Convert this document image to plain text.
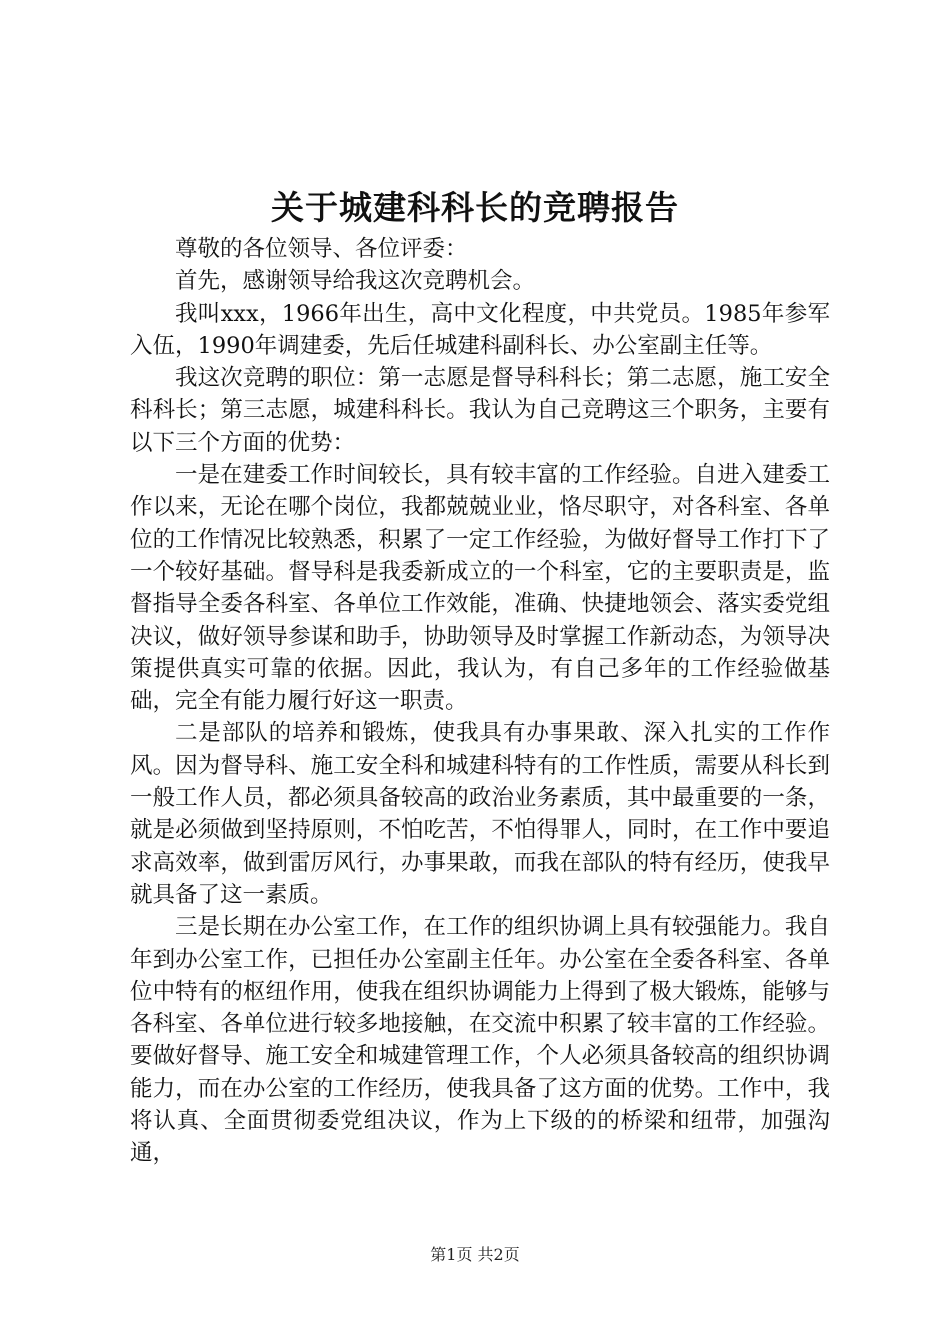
关于城建科科长的竞聘报告

尊敬的各位领导、各位评委：

首先，感谢领导给我这次竞聘机会。

我叫xxx，1966年出生，高中文化程度，中共党员。1985年参军入伍，1990年调建委，先后任城建科副科长、办公室副主任等。

我这次竞聘的职位：第一志愿是督导科科长；第二志愿，施工安全科科长；第三志愿，城建科科长。我认为自己竞聘这三个职务，主要有以下三个方面的优势：

一是在建委工作时间较长，具有较丰富的工作经验。自进入建委工作以来，无论在哪个岗位，我都兢兢业业，恪尽职守，对各科室、各单位的工作情况比较熟悉，积累了一定工作经验，为做好督导工作打下了一个较好基础。督导科是我委新成立的一个科室，它的主要职责是，监督指导全委各科室、各单位工作效能，准确、快捷地领会、落实委党组决议，做好领导参谋和助手，协助领导及时掌握工作新动态，为领导决策提供真实可靠的依据。因此，我认为，有自己多年的工作经验做基础，完全有能力履行好这一职责。

二是部队的培养和锻炼，使我具有办事果敢、深入扎实的工作作风。因为督导科、施工安全科和城建科特有的工作性质，需要从科长到一般工作人员，都必须具备较高的政治业务素质，其中最重要的一条，就是必须做到坚持原则，不怕吃苦，不怕得罪人，同时，在工作中要追求高效率，做到雷厉风行，办事果敢，而我在部队的特有经历，使我早就具备了这一素质。

三是长期在办公室工作，在工作的组织协调上具有较强能力。我自年到办公室工作，已担任办公室副主任年。办公室在全委各科室、各单位中特有的枢纽作用，使我在组织协调能力上得到了极大锻炼，能够与各科室、各单位进行较多地接触，在交流中积累了较丰富的工作经验。要做好督导、施工安全和城建管理工作，个人必须具备较高的组织协调能力，而在办公室的工作经历，使我具备了这方面的优势。工作中，我将认真、全面贯彻委党组决议，作为上下级的的桥梁和纽带，加强沟通，

第1页 共2页
